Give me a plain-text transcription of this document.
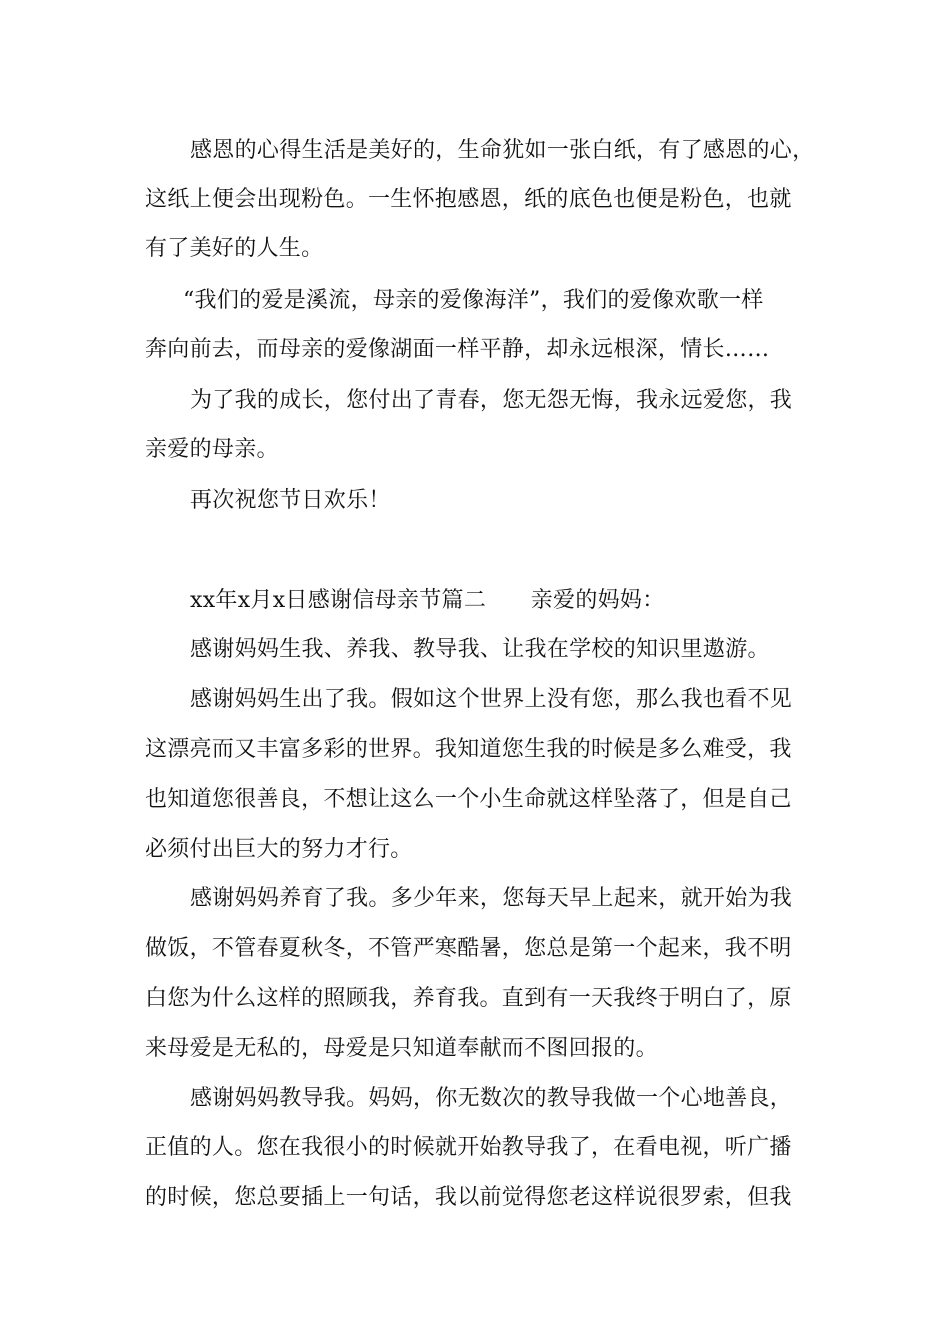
感恩的心得生活是美好的，生命犹如一张白纸，有了感恩的心，
这纸上便会出现粉色。一生怀抱感恩，纸的底色也便是粉色，也就
有了美好的人生。
“我们的爱是溪流，母亲的爱像海洋”，我们的爱像欢歌一样
奔向前去，而母亲的爱像湖面一样平静，却永远根深，情长……
为了我的成长，您付出了青春，您无怨无悔，我永远爱您，我
亲爱的母亲。
再次祝您节日欢乐！
xx年x月x日感谢信母亲节篇二　　亲爱的妈妈：
感谢妈妈生我、养我、教导我、让我在学校的知识里遨游。
感谢妈妈生出了我。假如这个世界上没有您，那么我也看不见
这漂亮而又丰富多彩的世界。我知道您生我的时候是多么难受，我
也知道您很善良，不想让这么一个小生命就这样坠落了，但是自己
必须付出巨大的努力才行。
感谢妈妈养育了我。多少年来，您每天早上起来，就开始为我
做饭，不管春夏秋冬，不管严寒酷暑，您总是第一个起来，我不明
白您为什么这样的照顾我，养育我。直到有一天我终于明白了，原
来母爱是无私的，母爱是只知道奉献而不图回报的。
感谢妈妈教导我。妈妈，你无数次的教导我做一个心地善良，
正值的人。您在我很小的时候就开始教导我了，在看电视，听广播
的时候，您总要插上一句话，我以前觉得您老这样说很罗索，但我
